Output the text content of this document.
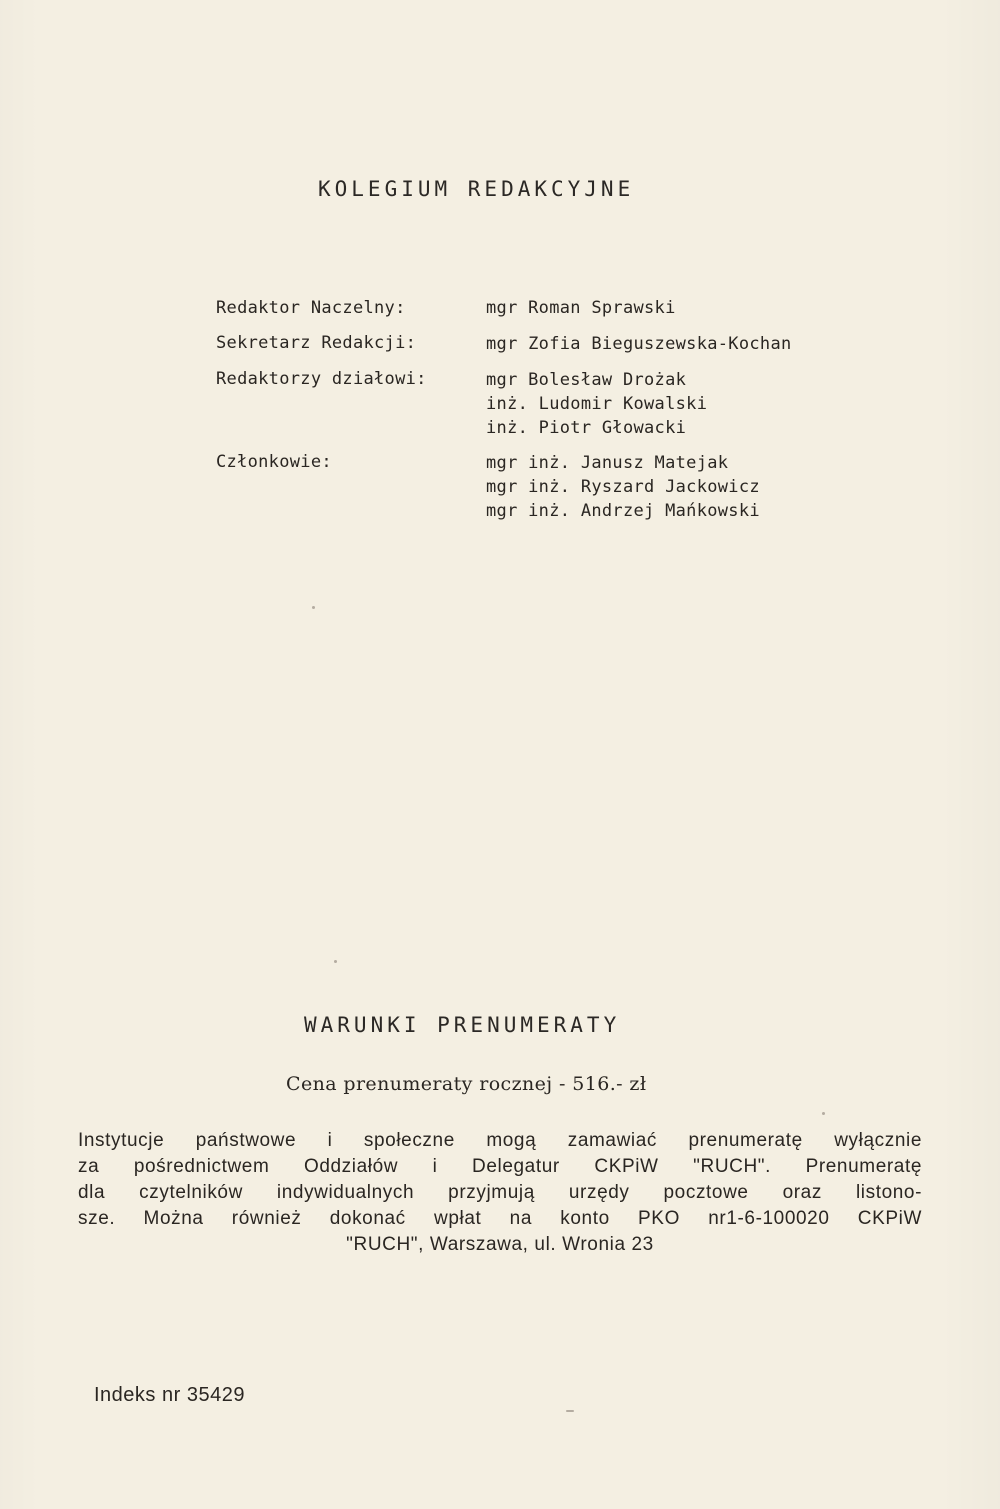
KOLEGIUM REDAKCYJNE
Redaktor Naczelny:	mgr Roman Sprawski
Sekretarz Redakcji:	mgr Zofia Bieguszewska-Kochan
Redaktorzy działowi:	mgr Bolesław Drożak
inż. Ludomir Kowalski
inż. Piotr Głowacki
Członkowie:	mgr inż. Janusz Matejak
mgr inż. Ryszard Jackowicz
mgr inż. Andrzej Mańkowski
WARUNKI PRENUMERATY
Cena prenumeraty rocznej - 516.- zł
Instytucje państwowe i społeczne mogą zamawiać prenumeratę wyłącznie
za pośrednictwem Oddziałów i Delegatur CKPiW "RUCH". Prenumeratę
dla czytelników indywidualnych przyjmują urzędy pocztowe oraz listono-
sze. Można również dokonać wpłat na konto PKO nr1-6-100020 CKPiW
"RUCH", Warszawa, ul. Wronia 23
Indeks nr 35429
